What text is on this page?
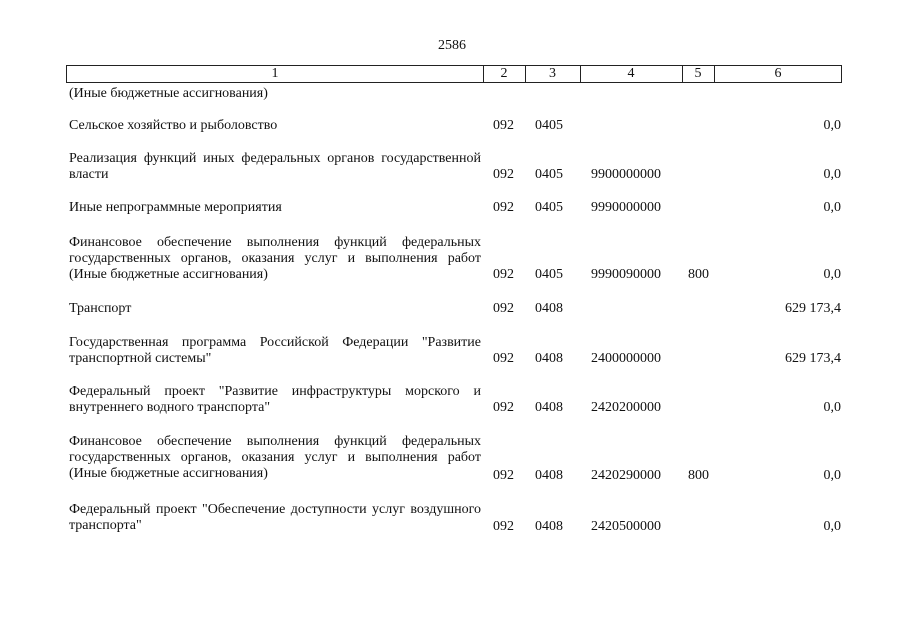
2586
1	2	3	4	5	6
(Иные бюджетные ассигнования)
Сельское хозяйство и рыболовство	092 0405	0,0
Реализация функций иных федеральных органов государственной власти	092 0405 9900000000	0,0
Иные непрограммные мероприятия	092 0405 9990000000	0,0
Финансовое обеспечение выполнения функций федеральных государственных органов, оказания услуг и выполнения работ (Иные бюджетные ассигнования)	092 0405 9990090000 800	0,0
Транспорт	092 0408	629 173,4
Государственная программа Российской Федерации "Развитие транспортной системы"	092 0408 2400000000	629 173,4
Федеральный проект "Развитие инфраструктуры морского и внутреннего водного транспорта"	092 0408 2420200000	0,0
Финансовое обеспечение выполнения функций федеральных государственных органов, оказания услуг и выполнения работ (Иные бюджетные ассигнования)	092 0408 2420290000 800	0,0
Федеральный проект "Обеспечение доступности услуг воздушного транспорта"	092 0408 2420500000	0,0
